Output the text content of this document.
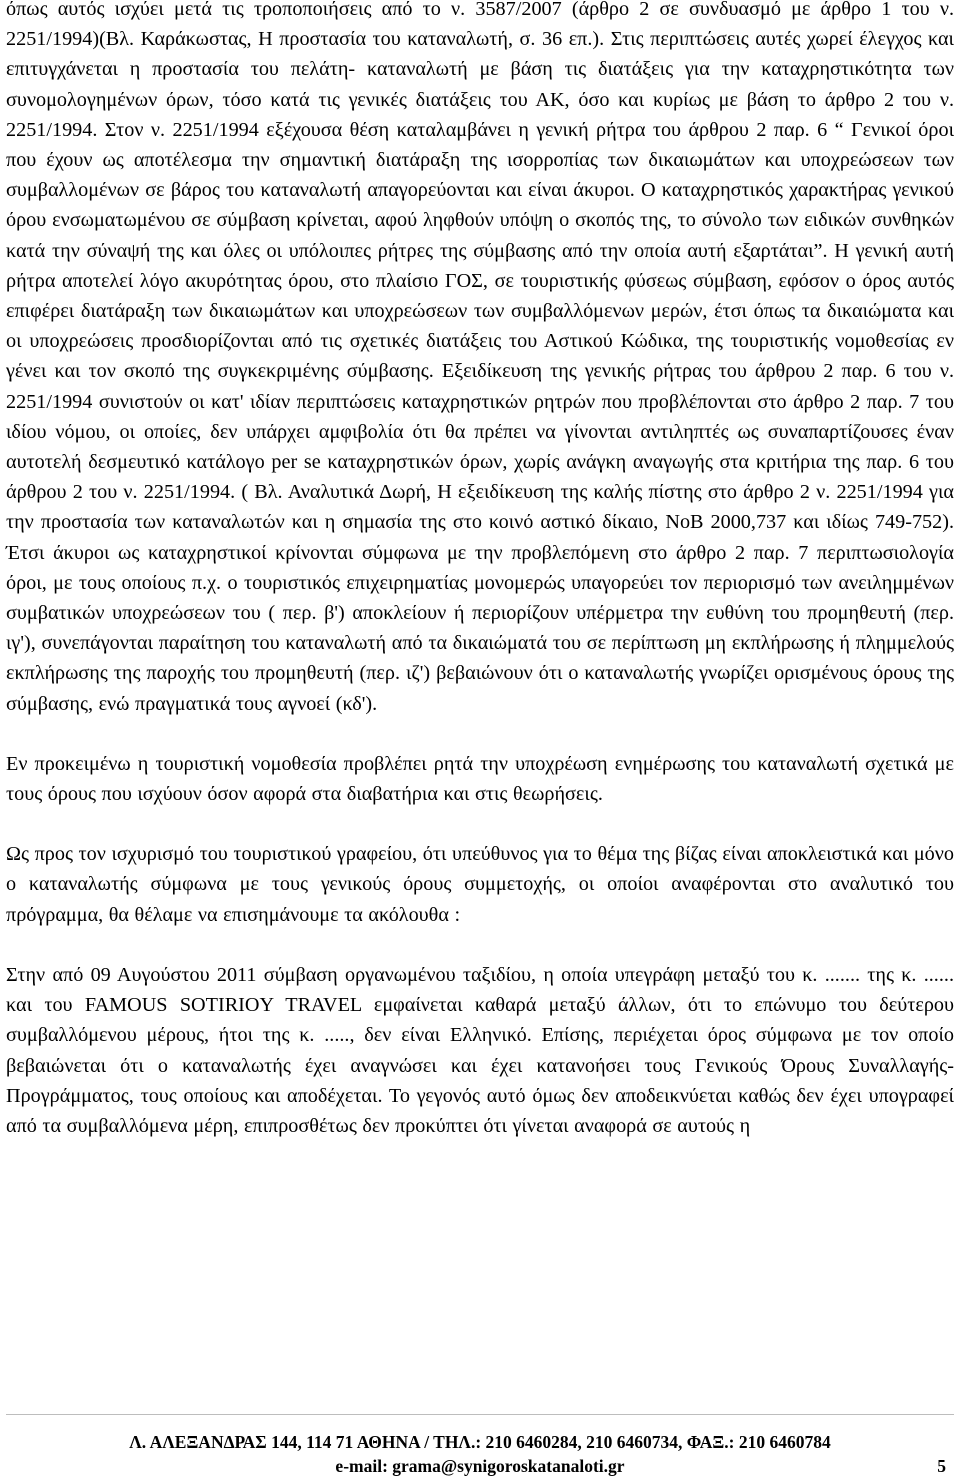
όπως αυτός ισχύει μετά τις τροποποιήσεις από το ν. 3587/2007 (άρθρο 2 σε συνδυασμό με άρθρο 1 του ν. 2251/1994)(Βλ. Καράκωστας, Η προστασία του καταναλωτή, σ. 36 επ.). Στις περιπτώσεις αυτές χωρεί έλεγχος και επιτυγχάνεται η προστασία του πελάτη- καταναλωτή με βάση τις διατάξεις για την καταχρηστικότητα των συνομολογημένων όρων, τόσο κατά τις γενικές διατάξεις του ΑΚ, όσο και κυρίως με βάση το άρθρο 2 του ν. 2251/1994. Στον ν. 2251/1994 εξέχουσα θέση καταλαμβάνει η γενική ρήτρα του άρθρου 2 παρ. 6 “ Γενικοί όροι που έχουν ως αποτέλεσμα την σημαντική διατάραξη της ισορροπίας των δικαιωμάτων και υποχρεώσεων των συμβαλλομένων σε βάρος του καταναλωτή απαγορεύονται και είναι άκυροι. Ο καταχρηστικός χαρακτήρας γενικού όρου ενσωματωμένου σε σύμβαση κρίνεται, αφού ληφθούν υπόψη ο σκοπός της, το σύνολο των ειδικών συνθηκών κατά την σύναψή της και όλες οι υπόλοιπες ρήτρες της σύμβασης από την οποία αυτή εξαρτάται”. Η γενική αυτή ρήτρα αποτελεί λόγο ακυρότητας όρου, στο πλαίσιο ΓΟΣ, σε τουριστικής φύσεως σύμβαση, εφόσον ο όρος αυτός επιφέρει διατάραξη των δικαιωμάτων και υποχρεώσεων των συμβαλλόμενων μερών, έτσι όπως τα δικαιώματα και οι υποχρεώσεις προσδιορίζονται από τις σχετικές διατάξεις του Αστικού Κώδικα, της τουριστικής νομοθεσίας εν γένει και τον σκοπό της συγκεκριμένης σύμβασης. Εξειδίκευση της γενικής ρήτρας του άρθρου 2 παρ. 6 του ν. 2251/1994 συνιστούν οι κατ' ιδίαν περιπτώσεις καταχρηστικών ρητρών που προβλέπονται στο άρθρο 2 παρ. 7 του ιδίου νόμου, οι οποίες, δεν υπάρχει αμφιβολία ότι θα πρέπει να γίνονται αντιληπτές ως συναπαρτίζουσες έναν αυτοτελή δεσμευτικό κατάλογο per se καταχρηστικών όρων, χωρίς ανάγκη αναγωγής στα κριτήρια της παρ. 6 του άρθρου 2 του ν. 2251/1994. ( Βλ. Αναλυτικά Δωρή, Η εξειδίκευση της καλής πίστης στο άρθρο 2 ν. 2251/1994 για την προστασία των καταναλωτών και η σημασία της στο κοινό αστικό δίκαιο, ΝοΒ 2000,737 και ιδίως 749-752). Έτσι άκυροι ως καταχρηστικοί κρίνονται σύμφωνα με την προβλεπόμενη στο άρθρο 2 παρ. 7 περιπτωσιολογία όροι, με τους οποίους π.χ. ο τουριστικός επιχειρηματίας μονομερώς υπαγορεύει τον περιορισμό των ανειλημμένων συμβατικών υποχρεώσεων του ( περ. β') αποκλείουν ή περιορίζουν υπέρμετρα την ευθύνη του προμηθευτή (περ. ιγ'), συνεπάγονται παραίτηση του καταναλωτή από τα δικαιώματά του σε περίπτωση μη εκπλήρωσης ή πλημμελούς εκπλήρωσης της παροχής του προμηθευτή (περ. ιζ') βεβαιώνουν ότι ο καταναλωτής γνωρίζει ορισμένους όρους της σύμβασης, ενώ πραγματικά τους αγνοεί (κδ').

Εν προκειμένω η τουριστική νομοθεσία προβλέπει ρητά την υποχρέωση ενημέρωσης του καταναλωτή σχετικά με τους όρους που ισχύουν όσον αφορά στα διαβατήρια και στις θεωρήσεις.

Ως προς τον ισχυρισμό του τουριστικού γραφείου, ότι υπεύθυνος για το θέμα της βίζας είναι αποκλειστικά και μόνο ο καταναλωτής σύμφωνα με τους γενικούς όρους συμμετοχής, οι οποίοι αναφέρονται στο αναλυτικό του πρόγραμμα, θα θέλαμε να επισημάνουμε τα ακόλουθα :

Στην από 09 Αυγούστου 2011 σύμβαση οργανωμένου ταξιδίου, η οποία υπεγράφη μεταξύ του κ. ....... της κ. ...... και του FAMOUS SOTIRIOY TRAVEL εμφαίνεται καθαρά μεταξύ άλλων, ότι το επώνυμο του δεύτερου συμβαλλόμενου μέρους, ήτοι της κ. ....., δεν είναι Ελληνικό. Επίσης, περιέχεται όρος σύμφωνα με τον οποίο βεβαιώνεται ότι ο καταναλωτής έχει αναγνώσει και έχει κατανοήσει τους Γενικούς Όρους Συναλλαγής- Προγράμματος, τους οποίους και αποδέχεται. Το γεγονός αυτό όμως δεν αποδεικνύεται καθώς δεν έχει υπογραφεί από τα συμβαλλόμενα μέρη, επιπροσθέτως δεν προκύπτει ότι γίνεται αναφορά σε αυτούς η

Λ. ΑΛΕΞΑΝΔΡΑΣ 144, 114 71 ΑΘΗΝΑ / ΤΗΛ.: 210 6460284, 210 6460734, ΦΑΞ.: 210 6460784
e-mail: grama@synigoroskatanaloti.gr	5
